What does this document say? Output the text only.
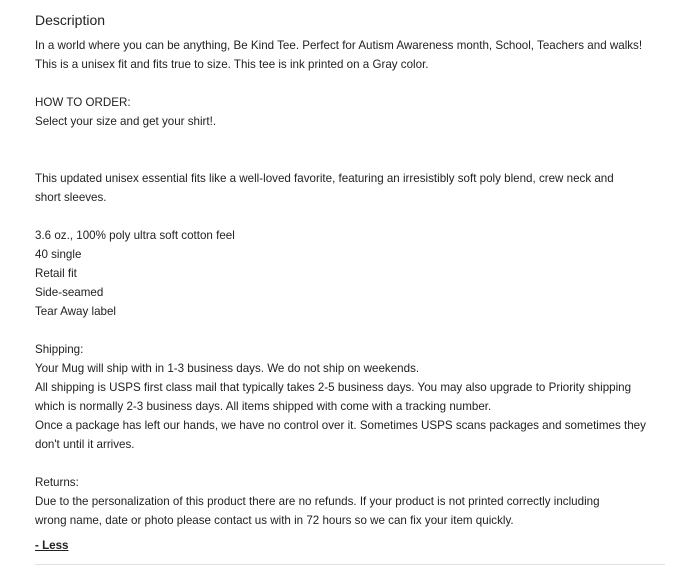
Description
In a world where you can be anything, Be Kind Tee. Perfect for Autism Awareness month, School, Teachers and walks!
This is a unisex fit and fits true to size. This tee is ink printed on a Gray color.
HOW TO ORDER:
Select your size and get your shirt!.
This updated unisex essential fits like a well-loved favorite, featuring an irresistibly soft poly blend, crew neck and
short sleeves.
3.6 oz., 100% poly ultra soft cotton feel
40 single
Retail fit
Side-seamed
Tear Away label
Shipping:
Your Mug will ship with in 1-3 business days. We do not ship on weekends.
All shipping is USPS first class mail that typically takes 2-5 business days. You may also upgrade to Priority shipping
which is normally 2-3 business days. All items shipped with come with a tracking number.
Once a package has left our hands, we have no control over it. Sometimes USPS scans packages and sometimes they
don't until it arrives.
Returns:
Due to the personalization of this product there are no refunds. If your product is not printed correctly including
wrong name, date or photo please contact us with in 72 hours so we can fix your item quickly.
- Less
